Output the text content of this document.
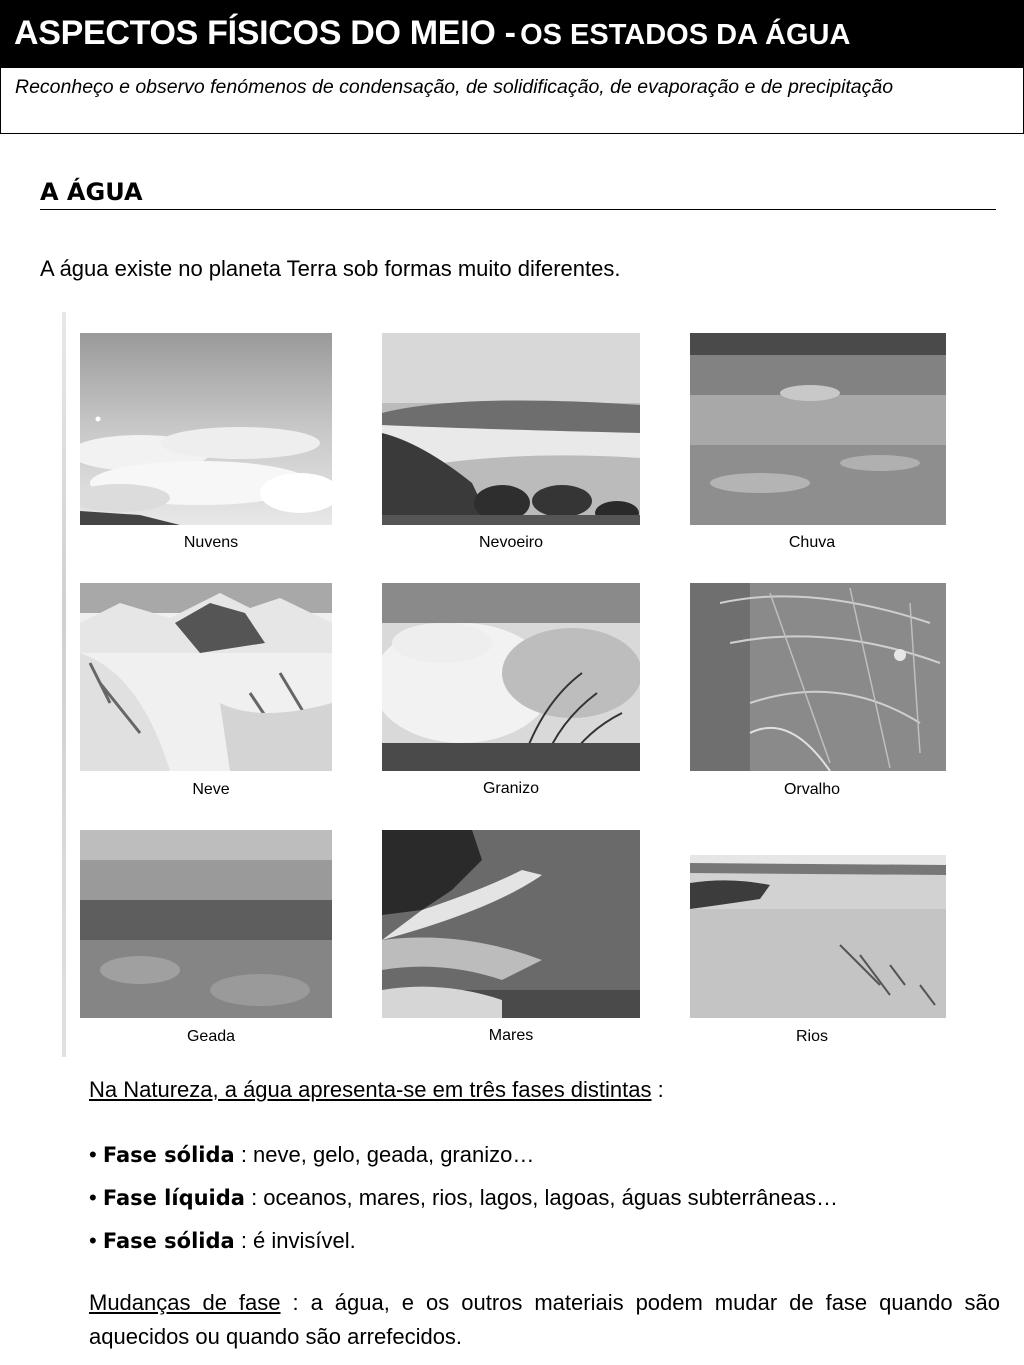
ASPECTOS FÍSICOS DO MEIO - OS ESTADOS DA ÁGUA
Reconheço e observo fenómenos de condensação, de solidificação, de evaporação e de precipitação
A ÁGUA
A água existe no planeta Terra sob formas muito diferentes.
Nuvens	Nevoeiro	Chuva
Neve	Granizo	Orvalho
Geada	Mares	Rios
Na Natureza, a água apresenta-se em três fases distintas :
• Fase sólida : neve, gelo, geada, granizo…
• Fase líquida : oceanos, mares, rios, lagos, lagoas, águas subterrâneas…
• Fase sólida : é invisível.
Mudanças de fase : a água, e os outros materiais podem mudar de fase quando são aquecidos ou quando são arrefecidos.
